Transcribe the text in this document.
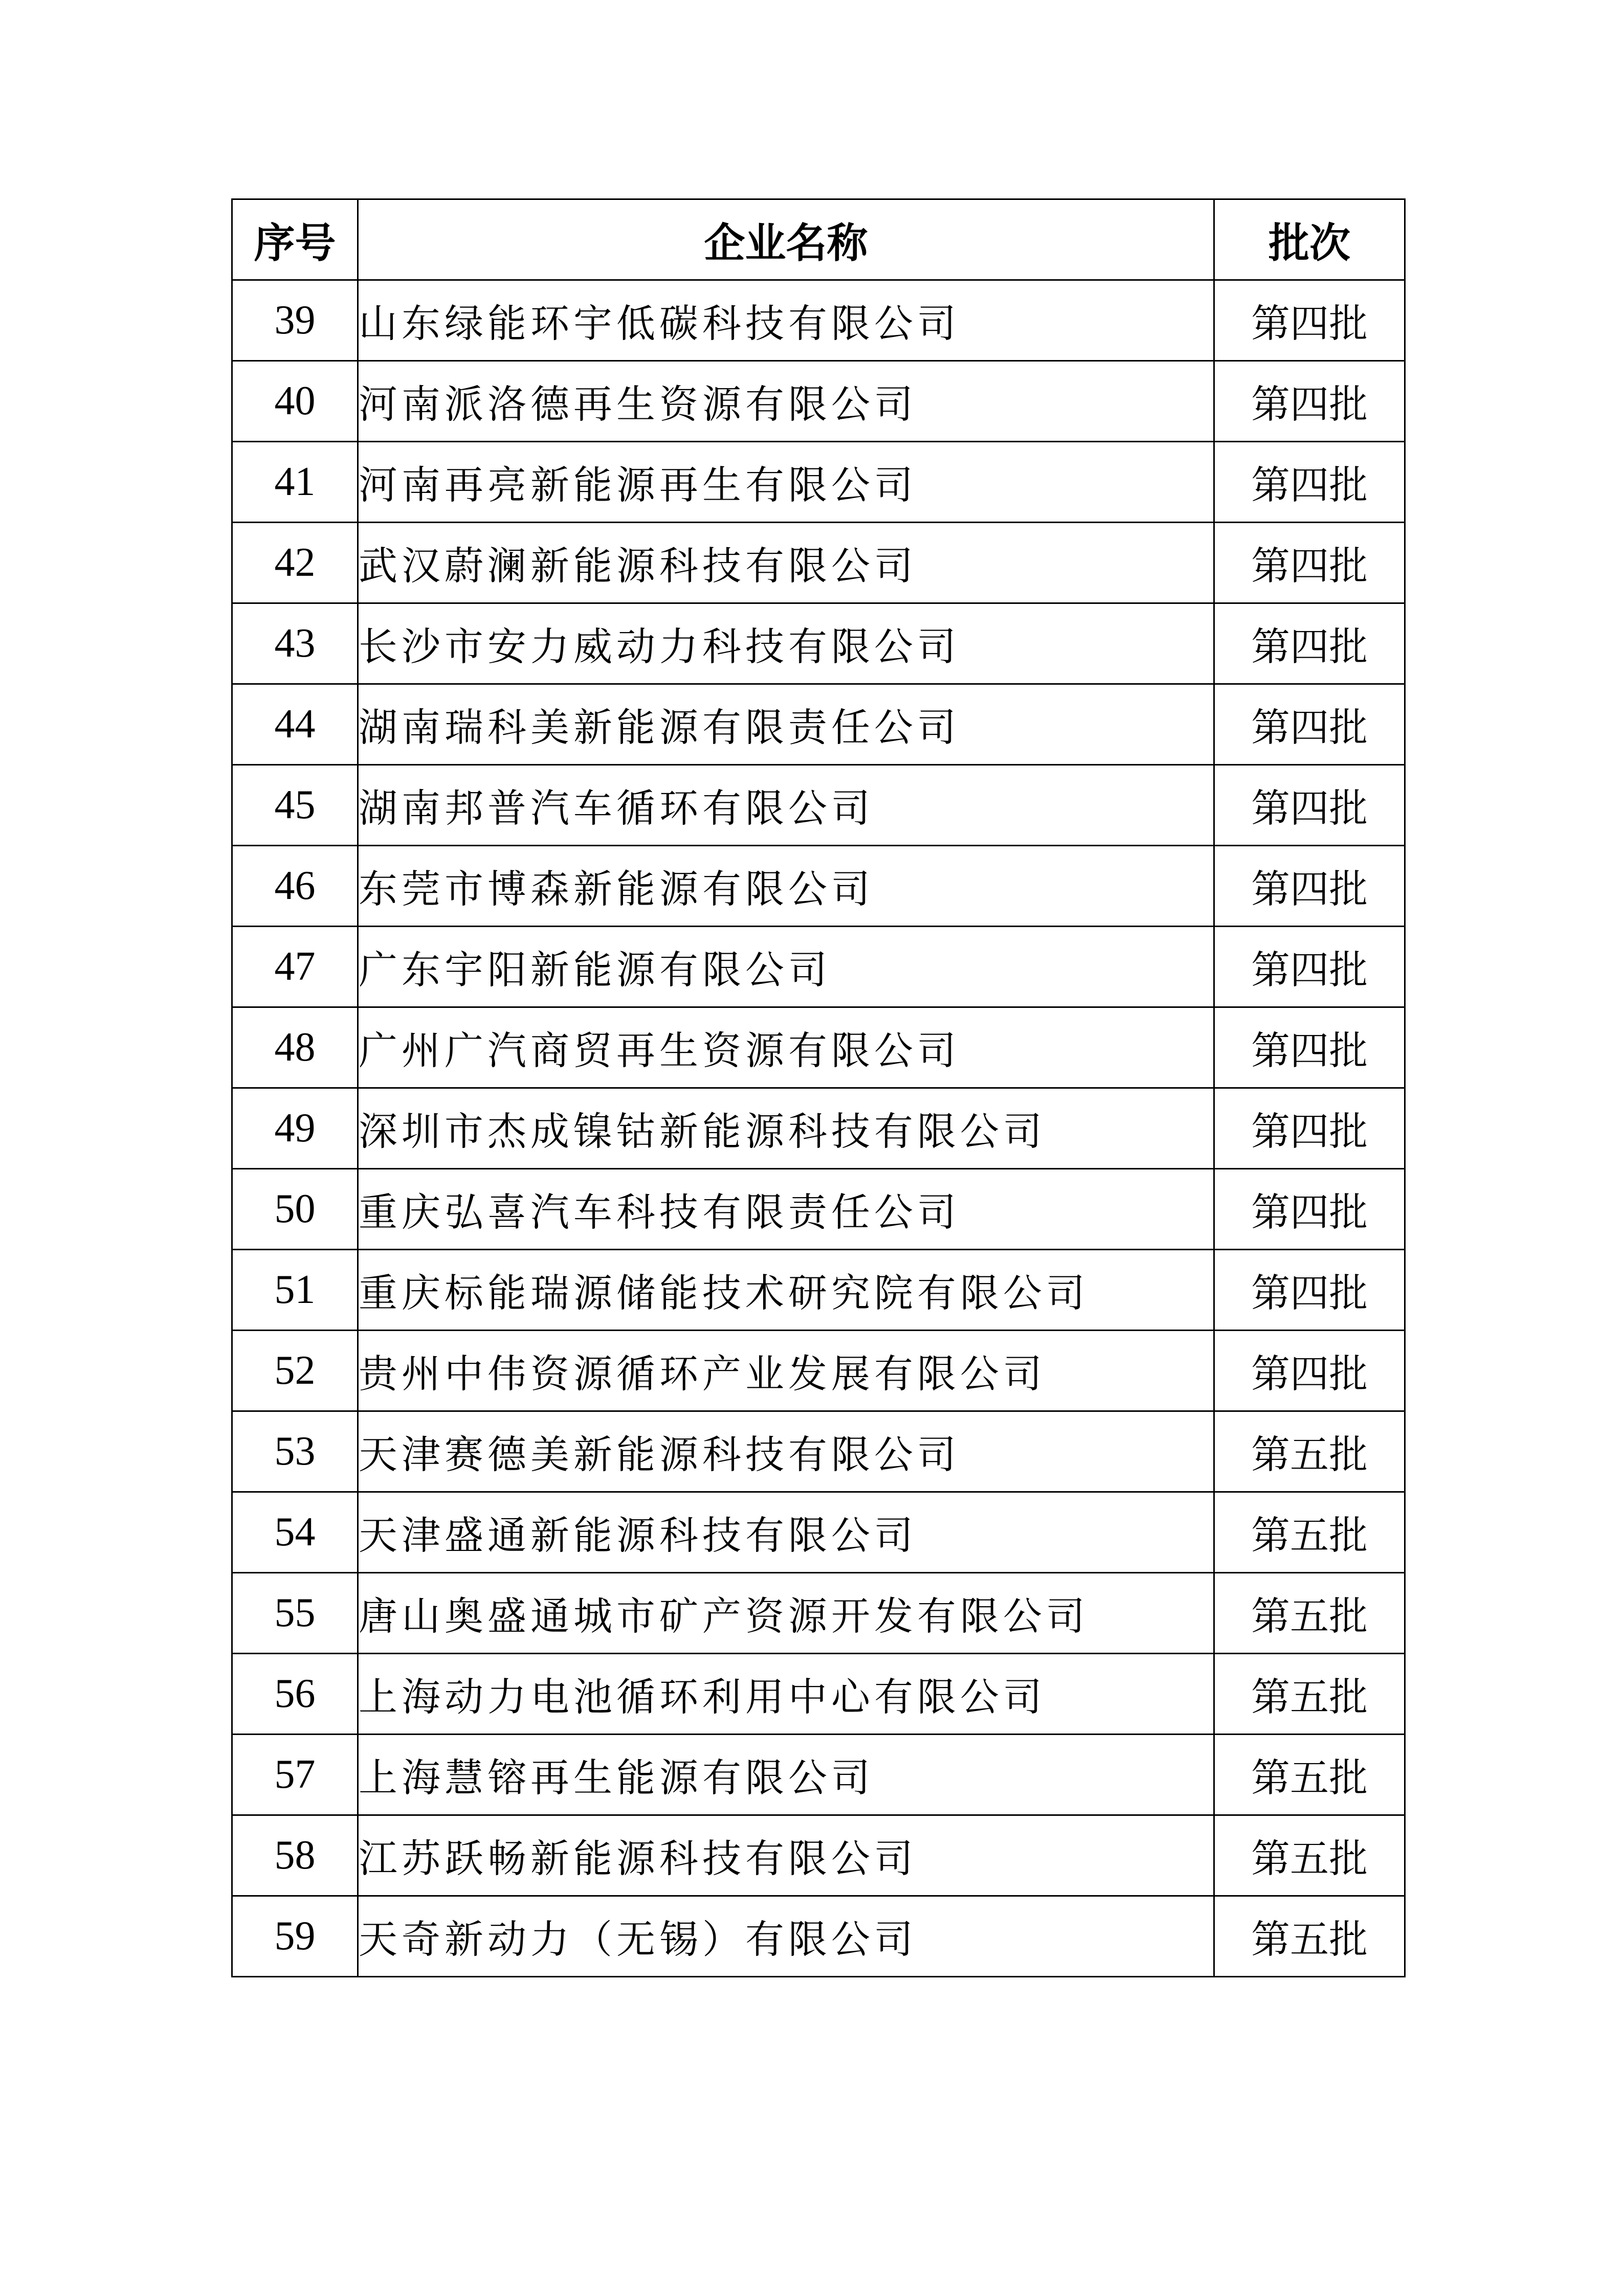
序号	企业名称	批次
39	山东绿能环宇低碳科技有限公司	第四批
40	河南派洛德再生资源有限公司	第四批
41	河南再亮新能源再生有限公司	第四批
42	武汉蔚澜新能源科技有限公司	第四批
43	长沙市安力威动力科技有限公司	第四批
44	湖南瑞科美新能源有限责任公司	第四批
45	湖南邦普汽车循环有限公司	第四批
46	东莞市博森新能源有限公司	第四批
47	广东宇阳新能源有限公司	第四批
48	广州广汽商贸再生资源有限公司	第四批
49	深圳市杰成镍钴新能源科技有限公司	第四批
50	重庆弘喜汽车科技有限责任公司	第四批
51	重庆标能瑞源储能技术研究院有限公司	第四批
52	贵州中伟资源循环产业发展有限公司	第四批
53	天津赛德美新能源科技有限公司	第五批
54	天津盛通新能源科技有限公司	第五批
55	唐山奥盛通城市矿产资源开发有限公司	第五批
56	上海动力电池循环利用中心有限公司	第五批
57	上海慧镕再生能源有限公司	第五批
58	江苏跃畅新能源科技有限公司	第五批
59	天奇新动力（无锡）有限公司	第五批
